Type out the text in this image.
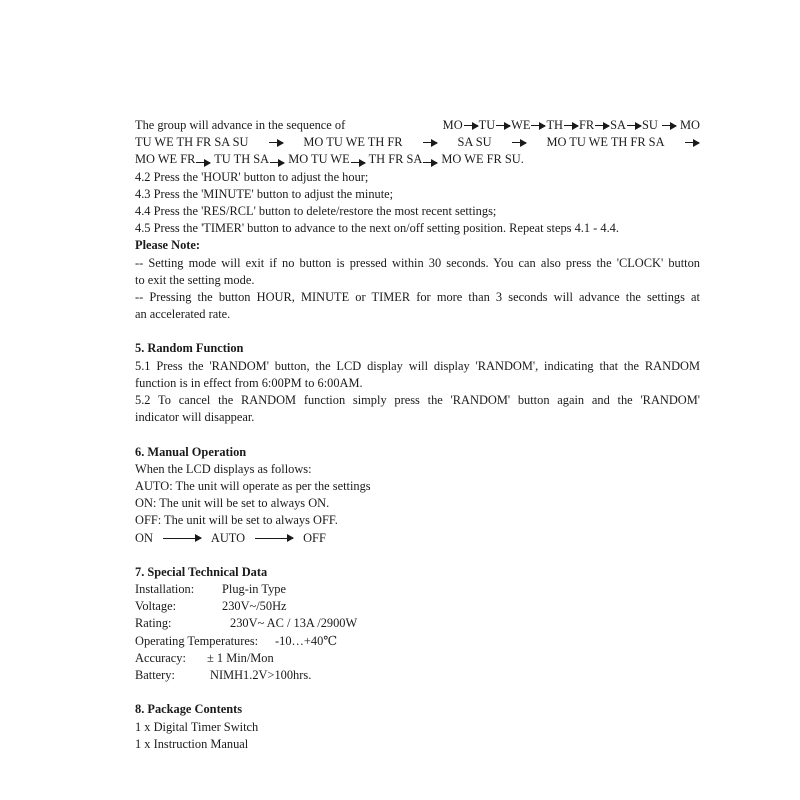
The group will advance in the sequence of	MO TU WE TH FR SA SU

MO
TU WE TH FR SA SU	MO TU WE TH FR	SA SU	MO TU WE TH FR SA
MO WE FR TU TH SA MO TU WE TH FR SA MO WE FR SU.
4.2 Press the 'HOUR' button to adjust the hour;
4.3 Press the 'MINUTE' button to adjust the minute;
4.4 Press the 'RES/RCL' button to delete/restore the most recent settings;
4.5 Press the 'TIMER' button to advance to the next on/off setting position. Repeat steps 4.1 - 4.4.
Please Note:
-- Setting mode will exit if no button is pressed within 30 seconds. You can also press the 'CLOCK' button
to exit the setting mode.
-- Pressing the button HOUR, MINUTE or TIMER for more than 3 seconds will advance the settings at
an accelerated rate.
5. Random Function
5.1 Press the 'RANDOM' button, the LCD display will display 'RANDOM', indicating that the RANDOM
function is in effect from 6:00PM to 6:00AM.
5.2 To cancel the RANDOM function simply press the 'RANDOM' button again and the 'RANDOM'
indicator will disappear.
6. Manual Operation
When the LCD displays as follows:
AUTO: The unit will operate as per the settings
ON: The unit will be set to always ON.
OFF: The unit will be set to always OFF.
ON	AUTO	OFF
7. Special Technical Data
Installation:	Plug-in Type
Voltage:	230V~/50Hz
Rating:	230V~ AC / 13A /2900W
Operating Temperatures:	-10…+40℃
Accuracy:	± 1 Min/Mon
Battery:	NIMH1.2V>100hrs.
8. Package Contents
1 x Digital Timer Switch
1 x Instruction Manual
